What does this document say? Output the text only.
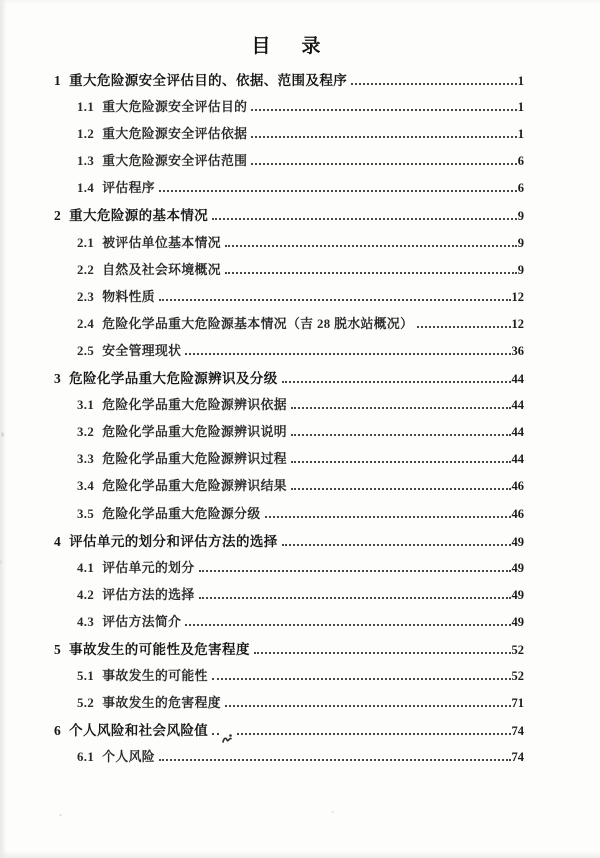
目　录
1 重大危险源安全评估目的、依据、范围及程序	1
1.1 重大危险源安全评估目的	1
1.2 重大危险源安全评估依据	1
1.3 重大危险源安全评估范围	6
1.4 评估程序	6
2 重大危险源的基本情况	9
2.1 被评估单位基本情况	9
2.2 自然及社会环境概况	9
2.3 物料性质	12
2.4 危险化学品重大危险源基本情况（吉 28 脱水站概况）	12
2.5 安全管理现状	36
3 危险化学品重大危险源辨识及分级	44
3.1 危险化学品重大危险源辨识依据	44
3.2 危险化学品重大危险源辨识说明	44
3.3 危险化学品重大危险源辨识过程	44
3.4 危险化学品重大危险源辨识结果	46
3.5 危险化学品重大危险源分级	46
4 评估单元的划分和评估方法的选择	49
4.1 评估单元的划分	49
4.2 评估方法的选择	49
4.3 评估方法简介	49
5 事故发生的可能性及危害程度	52
5.1 事故发生的可能性	52
5.2 事故发生的危害程度	71
6 个人风险和社会风险值	74
6.1 个人风险	74
